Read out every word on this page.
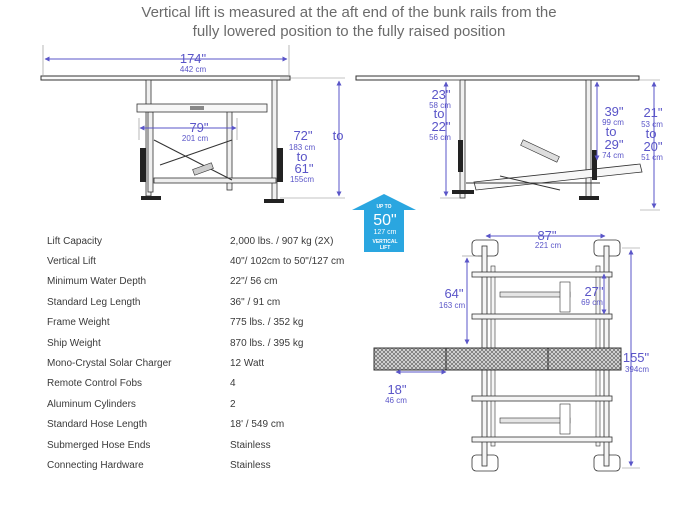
Vertical lift is measured at the aft end of the bunk rails from the
fully lowered position to the fully raised position
174"
442 cm
79"
201 cm	72"
183 cm
to
61"
155cm
to
23"
58 cm
to
22"
56 cm
39"
99 cm
to
29"
74 cm
21"
53 cm
to
20"
51 cm
UP TO
50"
127 cm
VERTICAL
LIFT
87"
221 cm
64"
163 cm
27"
69 cm
155"
394cm
18"
46 cm
Lift Capacity	2,000 lbs. / 907 kg (2X)
Vertical Lift	40"/ 102cm to 50"/127 cm
Minimum Water Depth	22"/ 56 cm
Standard Leg Length	36" / 91 cm
Frame Weight	775 lbs. / 352 kg
Ship Weight	870 lbs. / 395 kg
Mono-Crystal Solar Charger	12 Watt
Remote Control Fobs	4
Aluminum Cylinders	2
Standard Hose Length	18' / 549 cm
Submerged Hose Ends	Stainless
Connecting Hardware	Stainless
